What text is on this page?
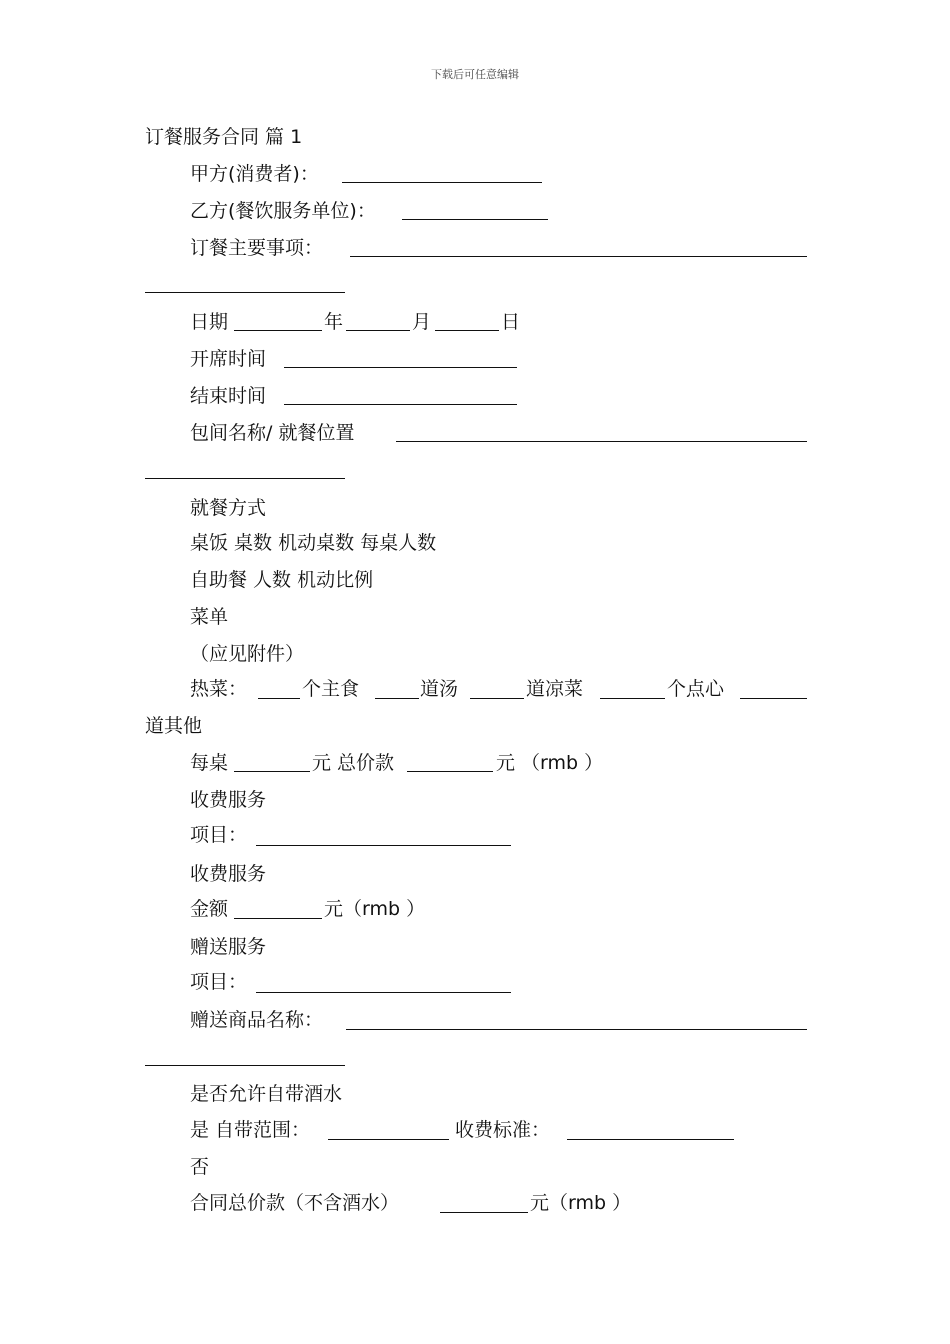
下载后可任意编辑
订餐服务合同 篇 1
甲方(消费者)：
乙方(餐饮服务单位)：
订餐主要事项：
日期	年	月	日
开席时间
结束时间
包间名称/ 就餐位置
就餐方式
桌饭 桌数 机动桌数 每桌人数
自助餐 人数 机动比例
菜单
（应见附件）
热菜：	个主食	道汤	道凉菜	个点心
道其他
每桌	元 总价款	元 （rmb ）
收费服务
项目：
收费服务
金额	元（rmb ）
赠送服务
项目：
赠送商品名称：
是否允许自带酒水
是 自带范围：	收费标准：
否
合同总价款（不含酒水）	元（rmb ）
